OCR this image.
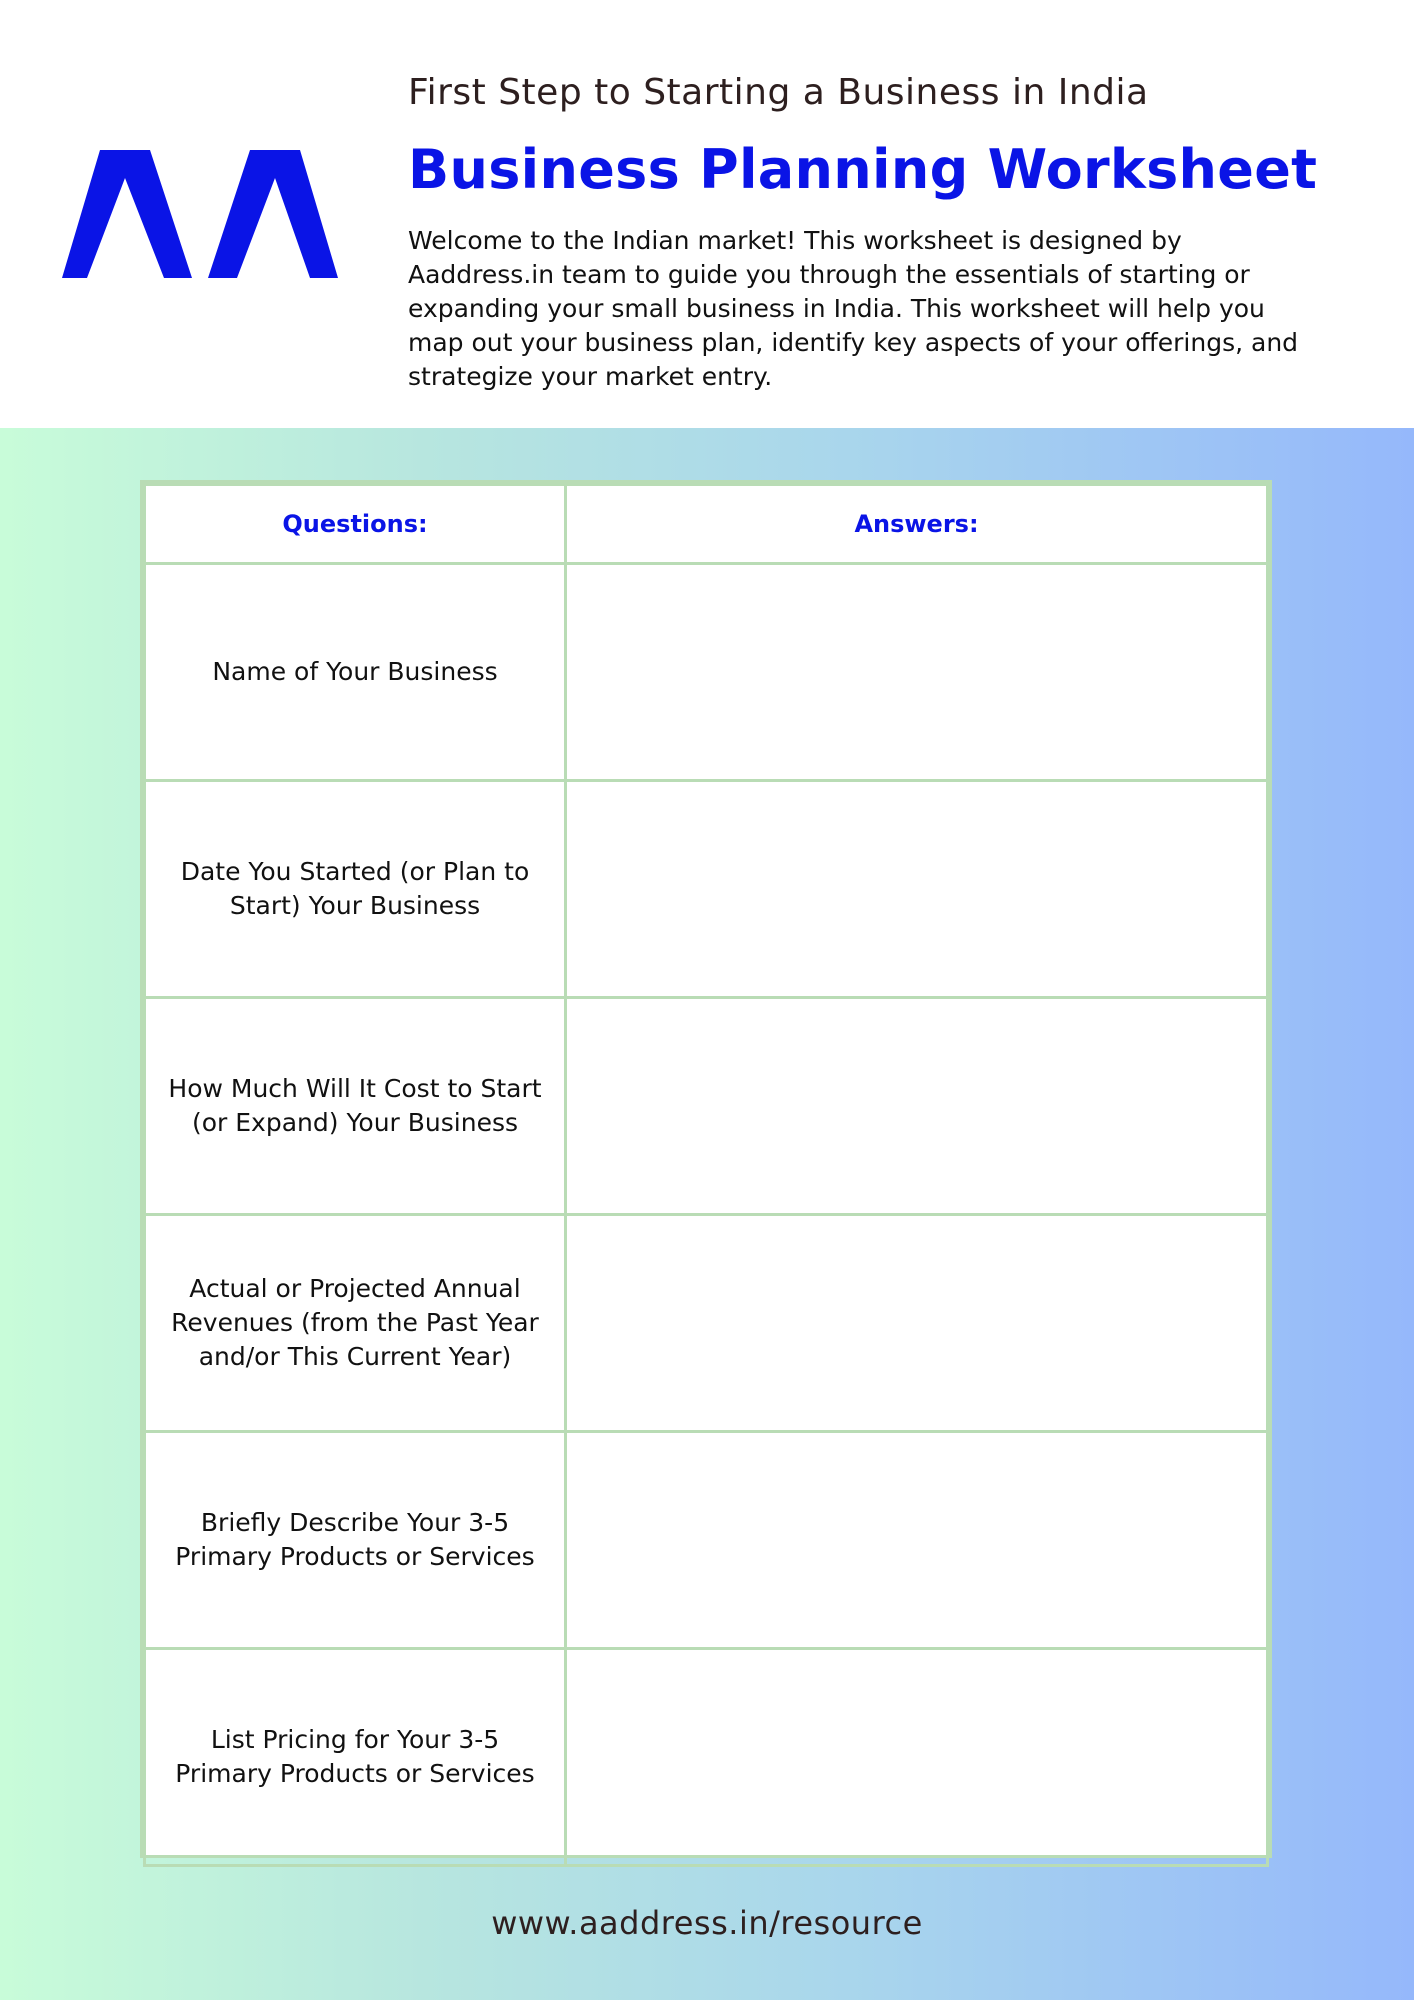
First Step to Starting a Business in India
Business Planning Worksheet
Welcome to the Indian market! This worksheet is designed by Aaddress.in team to guide you through the essentials of starting or expanding your small business in India. This worksheet will help you map out your business plan, identify key aspects of your offerings, and strategize your market entry.
Questions:	Answers:
Name of Your Business	
Date You Started (or Plan to Start) Your Business	
How Much Will It Cost to Start (or Expand) Your Business	
Actual or Projected Annual Revenues (from the Past Year and/or This Current Year)	
Briefly Describe Your 3-5 Primary Products or Services	
List Pricing for Your 3-5 Primary Products or Services	
www.aaddress.in/resource
